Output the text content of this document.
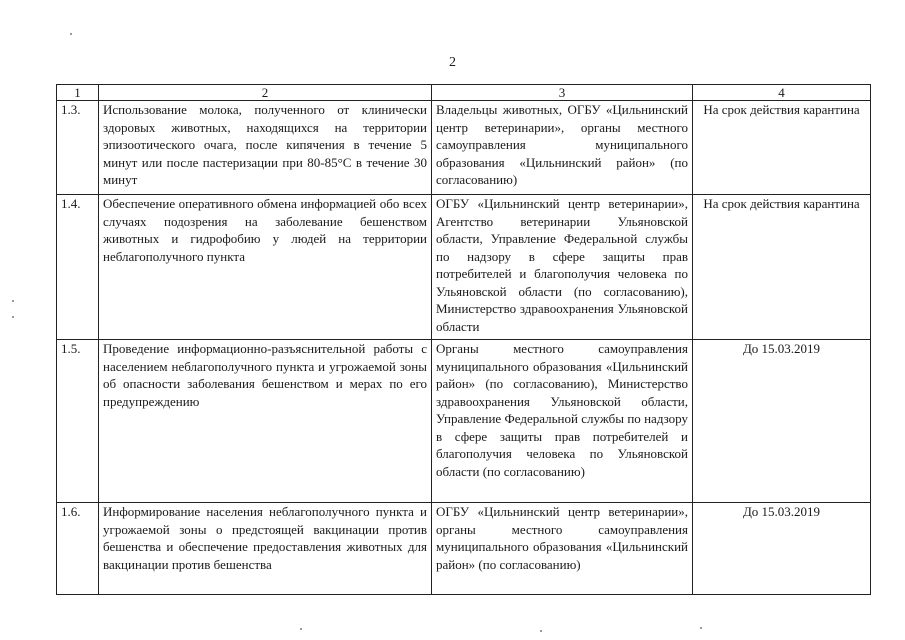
2
1	2	3	4
1.3.	Использование молока, полученного от клинически здоровых животных, находящихся на территории эпизоотического очага, после кипячения в течение 5 минут или после пастеризации при 80-85°С в течение 30 минут	Владельцы животных, ОГБУ «Цильнинский центр ветеринарии», органы местного самоуправления муниципального образования «Цильнинский район» (по согласованию)	На срок действия карантина
1.4.	Обеспечение оперативного обмена информацией обо всех случаях подозрения на заболевание бешенством животных и гидрофобию у людей на территории неблагополучного пункта	ОГБУ «Цильнинский центр ветеринарии», Агентство ветеринарии Ульяновской области, Управление Федеральной службы по надзору в сфере защиты прав потребителей и благополучия человека по Ульяновской области (по согласованию), Министерство здравоохранения Ульяновской области	На срок действия карантина
1.5.	Проведение информационно-разъяснительной работы с населением неблагополучного пункта и угрожаемой зоны об опасности заболевания бешенством и мерах по его предупреждению	Органы местного самоуправления муниципального образования «Цильнинский район» (по согласованию), Министерство здравоохранения Ульяновской области, Управление Федеральной службы по надзору в сфере защиты прав потребителей и благополучия человека по Ульяновской области (по согласованию)	До 15.03.2019
1.6.	Информирование населения неблагополучного пункта и угрожаемой зоны о предстоящей вакцинации против бешенства и обеспечение предоставления животных для вакцинации против бешенства	ОГБУ «Цильнинский центр ветеринарии», органы местного самоуправления муниципального образования «Цильнинский район» (по согласованию)	До 15.03.2019
